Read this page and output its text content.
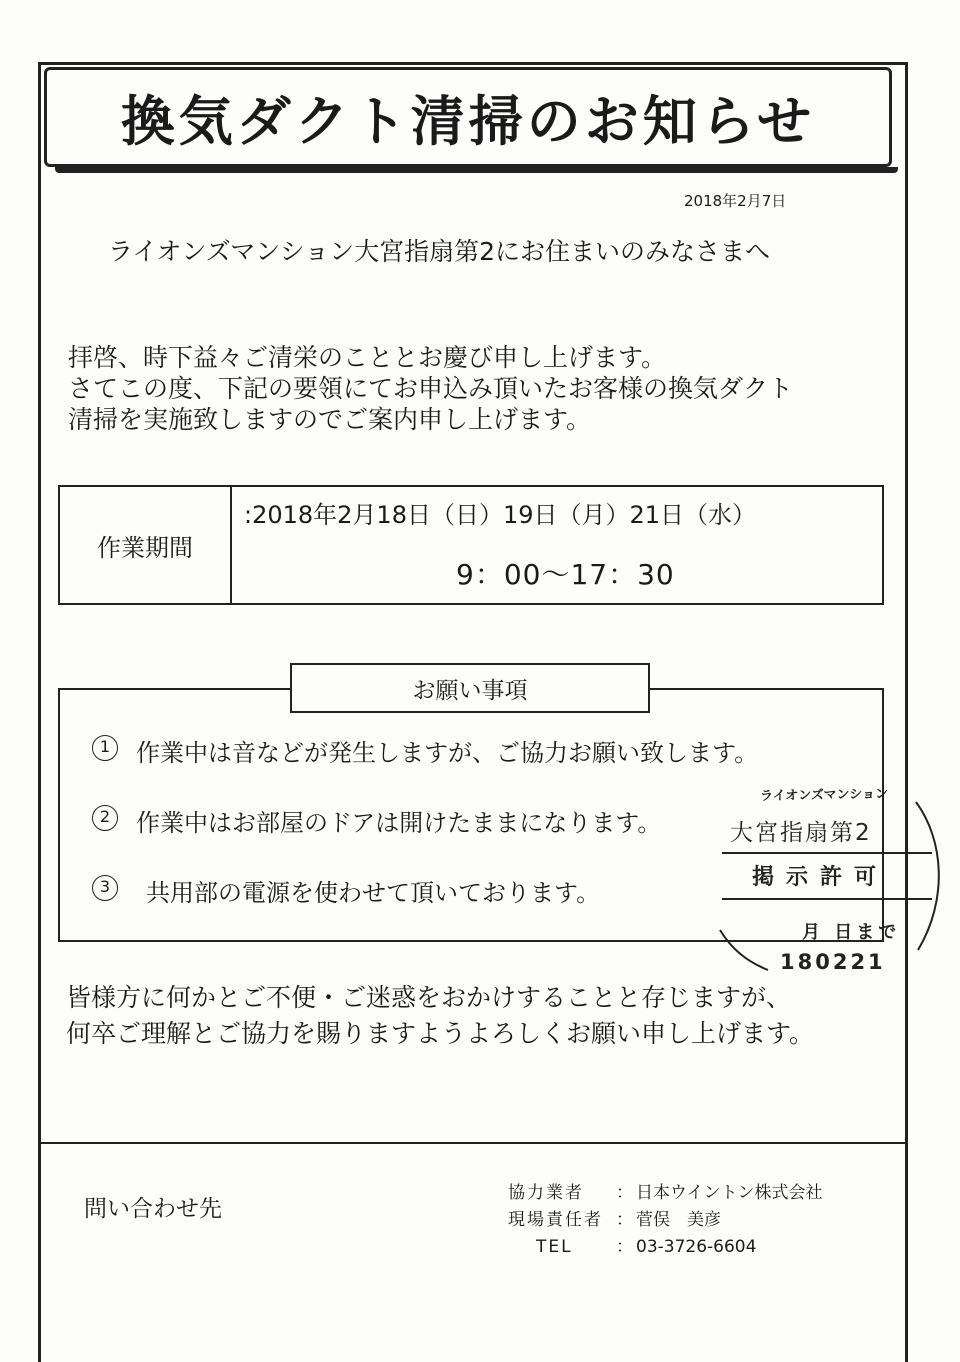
換気ダクト清掃のお知らせ
2018年2月7日
ライオンズマンション大宮指扇第2にお住まいのみなさまへ
拝啓、時下益々ご清栄のこととお慶び申し上げます。
さてこの度、下記の要領にてお申込み頂いたお客様の換気ダクト
清掃を実施致しますのでご案内申し上げます。
作業期間
:2018年2月18日（日）19日（月）21日（水）
9：00〜17：30
お願い事項
1	作業中は音などが発生しますが、ご協力お願い致します。
2	作業中はお部屋のドアは開けたままになります。
3	共用部の電源を使わせて頂いております。
ライオンズマンション
大宮指扇第2
掲示許可
月 日まで
180221
皆様方に何かとご不便・ご迷惑をおかけすることと存じますが、
何卒ご理解とご協力を賜りますようよろしくお願い申し上げます。
問い合わせ先
協力業者	： 日本ウイントン株式会社
現場責任者 ： 菅俣　美彦
TEL	： 03-3726-6604
